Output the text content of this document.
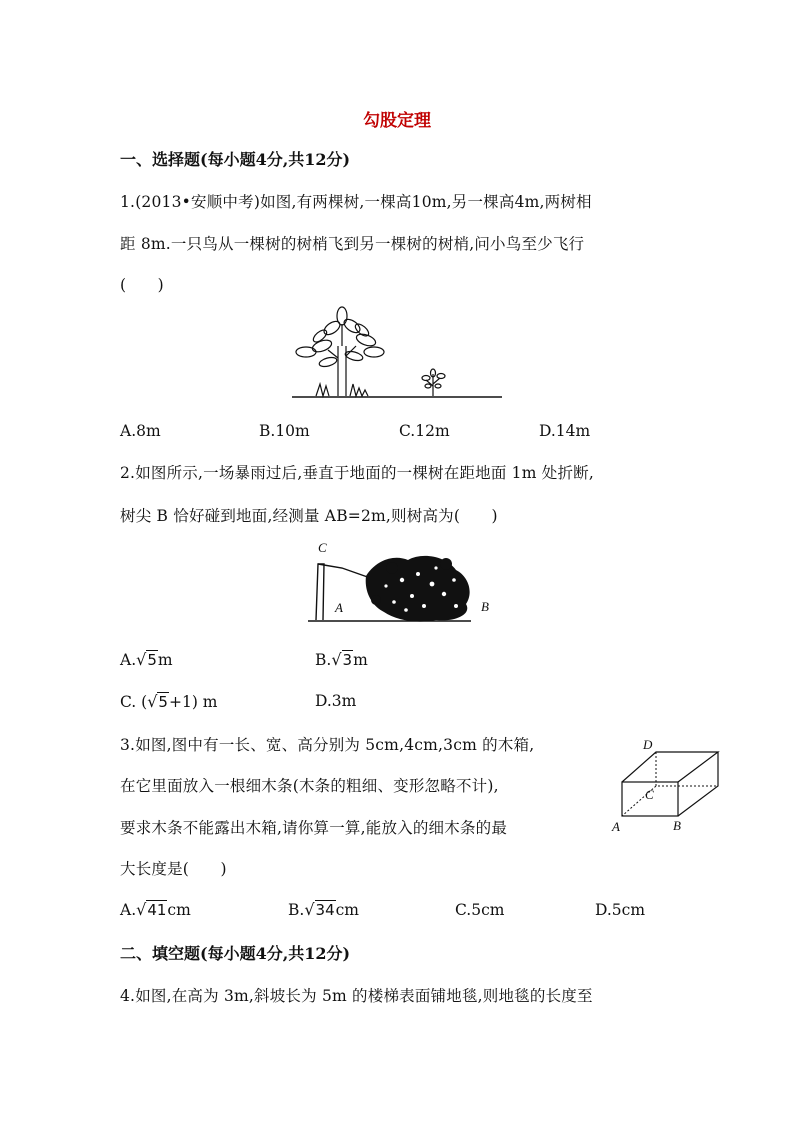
勾股定理
一、选择题(每小题4分,共12分)
1.(2013•安顺中考)如图,有两棵树,一棵高10m,另一棵高4m,两树相
距 8m.一只鸟从一棵树的树梢飞到另一棵树的树梢,问小鸟至少飞行
(　　)
A.8m	B.10m	C.12m	D.14m
2.如图所示,一场暴雨过后,垂直于地面的一棵树在距地面 1m 处折断,
树尖 B 恰好碰到地面,经测量 AB=2m,则树高为(　　)
C
A	B
A.√5m	B.√3m
C. (√5+1) m	D.3m
3.如图,图中有一长、宽、高分别为 5cm,4cm,3cm 的木箱,
在它里面放入一根细木条(木条的粗细、变形忽略不计),
要求木条不能露出木箱,请你算一算,能放入的细木条的最
大长度是(　　)
D
C
A	B
A.√41cm	B.√34cm	C.5cm	D.5cm
二、填空题(每小题4分,共12分)
4.如图,在高为 3m,斜坡长为 5m 的楼梯表面铺地毯,则地毯的长度至
